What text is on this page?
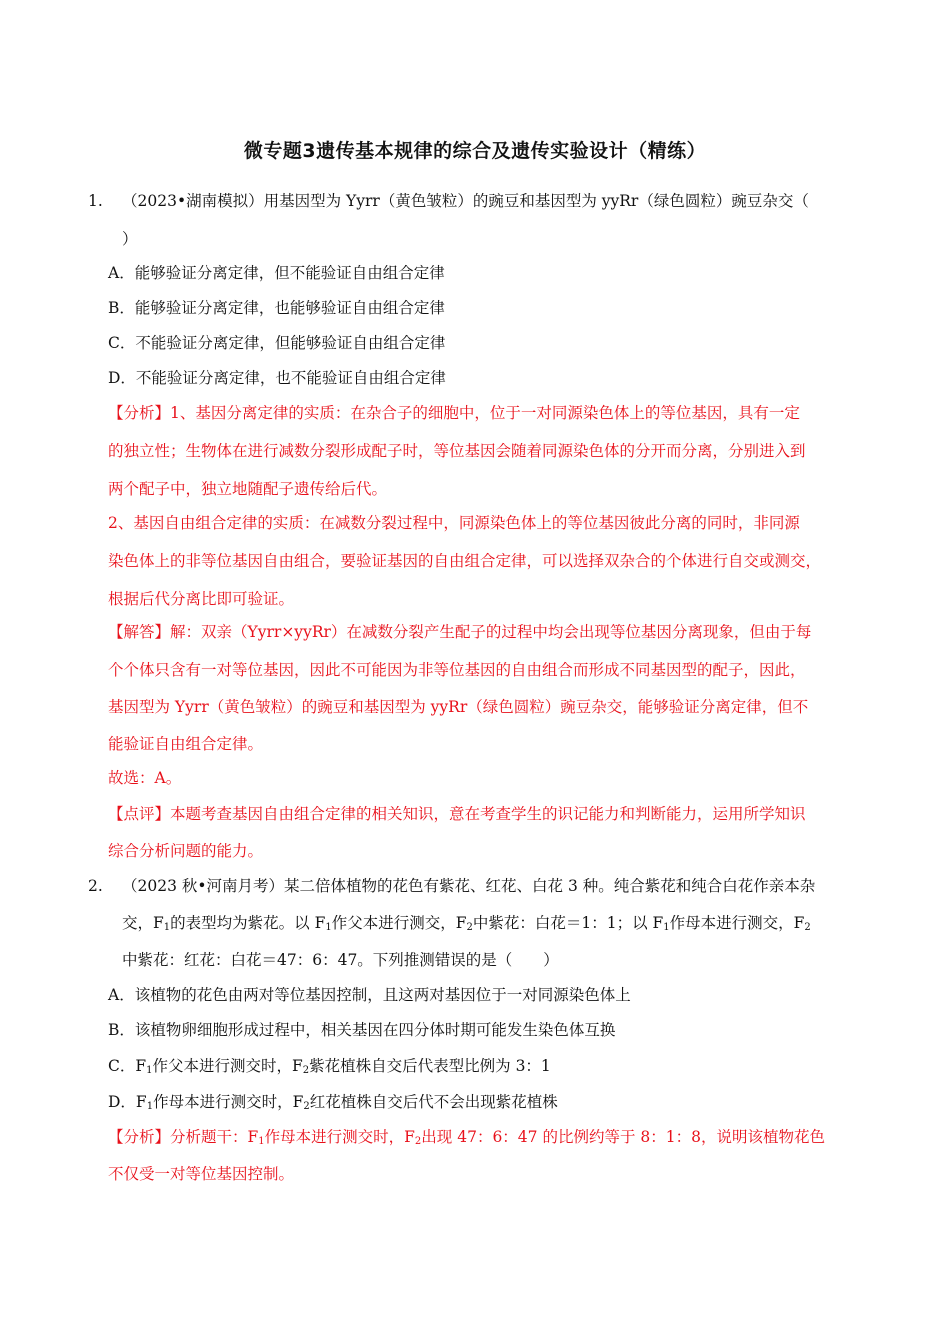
微专题3遗传基本规律的综合及遗传实验设计（精练）
1. （2023•湖南模拟）用基因型为 Yyrr（黄色皱粒）的豌豆和基因型为 yyRr（绿色圆粒）豌豆杂交（
）
A．能够验证分离定律，但不能验证自由组合定律
B．能够验证分离定律，也能够验证自由组合定律
C．不能验证分离定律，但能够验证自由组合定律
D．不能验证分离定律，也不能验证自由组合定律
【分析】1、基因分离定律的实质：在杂合子的细胞中，位于一对同源染色体上的等位基因，具有一定
的独立性；生物体在进行减数分裂形成配子时，等位基因会随着同源染色体的分开而分离，分别进入到
两个配子中，独立地随配子遗传给后代。
2、基因自由组合定律的实质：在减数分裂过程中，同源染色体上的等位基因彼此分离的同时，非同源
染色体上的非等位基因自由组合，要验证基因的自由组合定律，可以选择双杂合的个体进行自交或测交，
根据后代分离比即可验证。
【解答】解：双亲（Yyrr×yyRr）在减数分裂产生配子的过程中均会出现等位基因分离现象，但由于每
个个体只含有一对等位基因，因此不可能因为非等位基因的自由组合而形成不同基因型的配子，因此，
基因型为 Yyrr（黄色皱粒）的豌豆和基因型为 yyRr（绿色圆粒）豌豆杂交，能够验证分离定律，但不
能验证自由组合定律。
故选：A。
【点评】本题考查基因自由组合定律的相关知识，意在考查学生的识记能力和判断能力，运用所学知识
综合分析问题的能力。
2. （2023 秋•河南月考）某二倍体植物的花色有紫花、红花、白花 3 种。纯合紫花和纯合白花作亲本杂
交，$F_1$的表型均为紫花。以 $F_1$作父本进行测交，$F_2$中紫花：白花＝1：1；以 $F_1$作母本进行测交，$F_2$
中紫花：红花：白花＝47：6：47。下列推测错误的是（　　）
A．该植物的花色由两对等位基因控制，且这两对基因位于一对同源染色体上
B．该植物卵细胞形成过程中，相关基因在四分体时期可能发生染色体互换
C．$F_1$作父本进行测交时，$F_2$紫花植株自交后代表型比例为 3：1
D．$F_1$作母本进行测交时，$F_2$红花植株自交后代不会出现紫花植株
【分析】分析题干：$F_1$作母本进行测交时，$F_2$出现 47：6：47 的比例约等于 8：1：8，说明该植物花色
不仅受一对等位基因控制。
